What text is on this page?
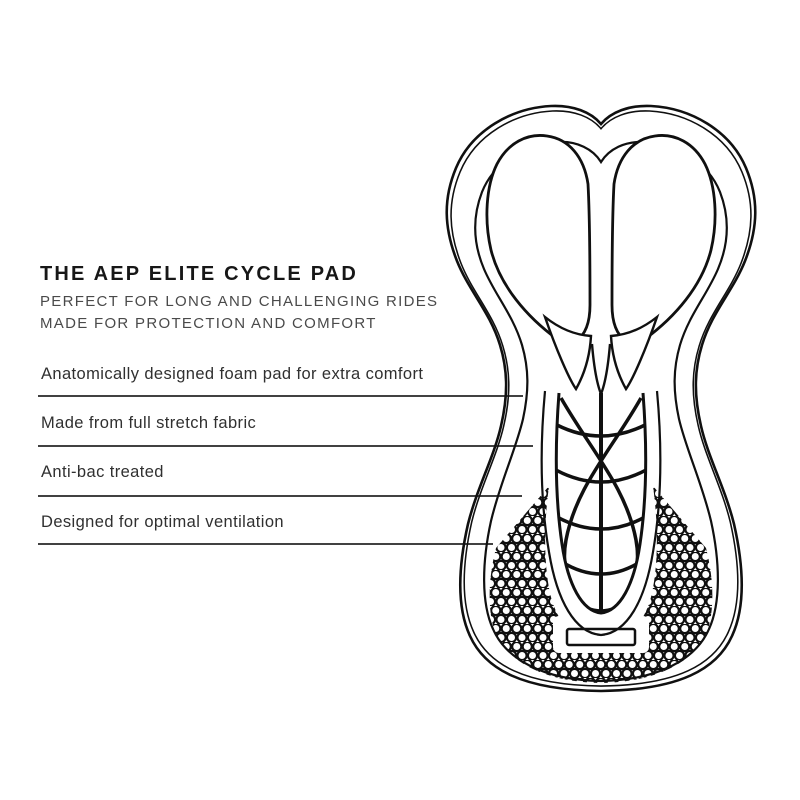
THE AEP ELITE CYCLE PAD
PERFECT FOR LONG AND CHALLENGING RIDES
MADE FOR PROTECTION AND COMFORT
Anatomically designed foam pad for extra comfort
Made from full stretch fabric
Anti-bac treated
Designed for optimal ventilation
